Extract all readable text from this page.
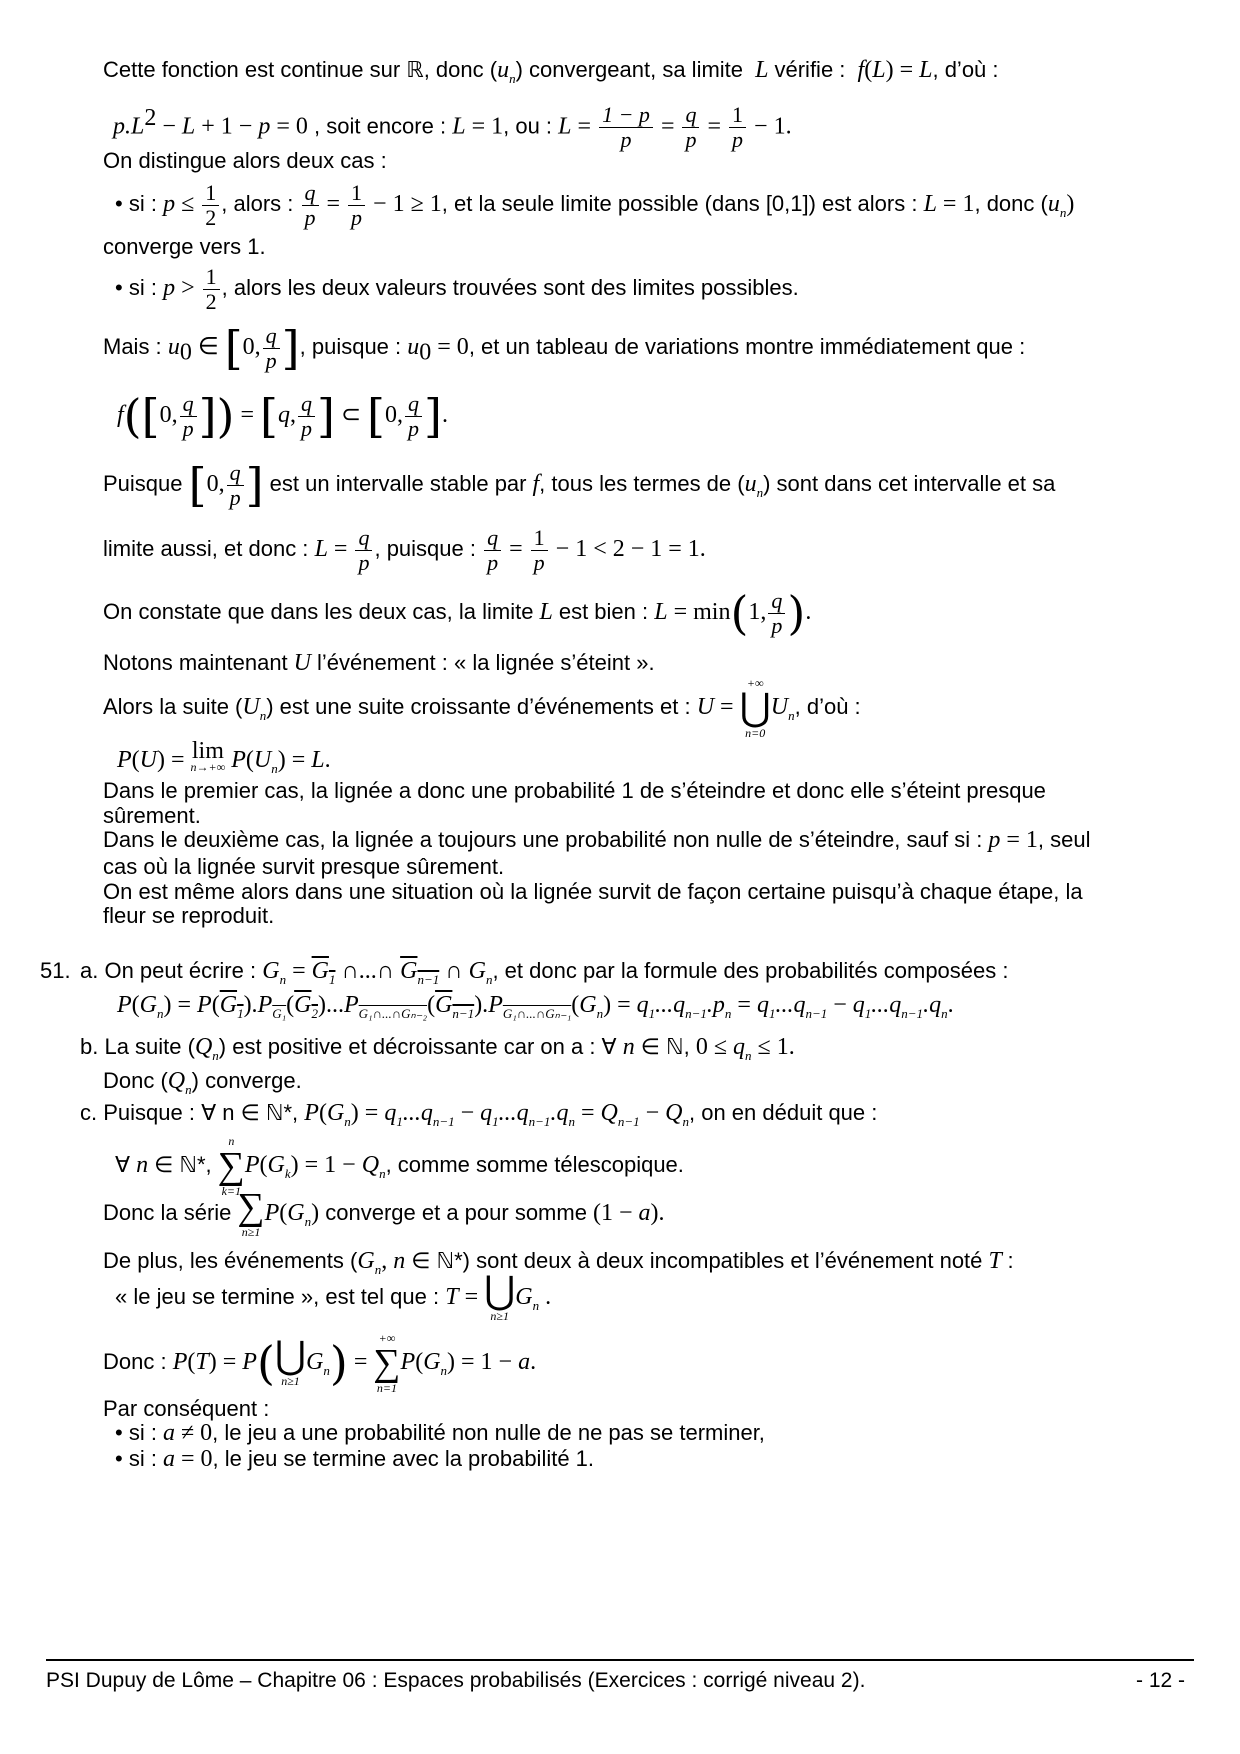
Cette fonction est continue sur ℝ, donc $(u_n)$ convergeant, sa limite  L vérifie :  f(L) = L, d’où :
$p.L^2 - L + 1 - p = 0$ , soit encore : L = 1, ou : $L = \frac{1 - p}{p} = \frac{q}{p} = \frac{1}{p} - 1$.
On distingue alors deux cas :
• si : $p \le \frac{1}{2}$ , alors : $\frac{q}{p} = \frac{1}{p} - 1 \ge 1$, et la seule limite possible (dans [0,1]) est alors : L = 1, donc $(u_n)$
converge vers 1.
• si : $p > \frac{1}{2}$ , alors les deux valeurs trouvées sont des limites possibles.
Mais : $u_0$ ∈ [0, $\frac{q}{p}$ ], puisque : $u_0 = 0$, et un tableau de variations montre immédiatement que :
f([0, $\frac{q}{p}$ ]) = [q, $\frac{q}{p}$ ] ⊂ [0, $\frac{q}{p}$ ].
Puisque [0, $\frac{q}{p}$ ] est un intervalle stable par f, tous les termes de $(u_n)$ sont dans cet intervalle et sa
limite aussi, et donc : $L = \frac{q}{p}$ , puisque : $\frac{q}{p} = \frac{1}{p} - 1 < 2 - 1 = 1$.
On constate que dans les deux cas, la limite L est bien : L = min(1, $\frac{q}{p}$ ).
Notons maintenant U l’événement : « la lignée s’éteint ».
Alors la suite $(U_n)$ est une suite croissante d’événements et : U = +∞
⋃
$n=0U_n$, d’où :
P(U) = lim
n→+∞ $P(U_n) = L$.
Dans le premier cas, la lignée a donc une probabilité 1 de s’éteindre et donc elle s’éteint presque
sûrement.
Dans le deuxième cas, la lignée a toujours une probabilité non nulle de s’éteindre, sauf si : p = 1, seul
cas où la lignée survit presque sûrement.
On est même alors dans une situation où la lignée survit de façon certaine puisqu’à chaque étape, la
fleur se reproduit.
51. a. On peut écrire : $G_n = G_1$ ∩...∩ $G_{n-1}$ ∩ $G_n$, et donc par la formule des probabilités composées :
$P(G_n) = P(G_1).P_{G_1}(G_2)...P_{G_1\cap...\cap G_{n-2}}(G_{n-1}).P_{G_1\cap...\cap G_{n-1}}(G_n) = q_1...q_{n-1}.p_n = q_1...q_{n-1} - q_1...q_{n-1}.q_n$.
b. La suite $(Q_n)$ est positive et décroissante car on a : ∀ n ∈ ℕ, $0 \le q_n \le 1$.
Donc $(Q_n)$ converge.
c. Puisque : ∀ n ∈ ℕ*, $P(G_n) = q_1...q_{n-1} - q_1...q_{n-1}.q_n = Q_{n-1} - Q_n$, on en déduit que :
∀ n ∈ ℕ*, n
∑
$k=1P(G_k) = 1 - Q_n$, comme somme télescopique.
Donc la série ∑
$n\ge 1P(G_n)$ converge et a pour somme (1 − a).
De plus, les événements ($G_n$, n ∈ ℕ*) sont deux à deux incompatibles et l’événement noté T :
« le jeu se termine », est tel que : T = ⋃
$n\ge 1G_n$ .
Donc : P(T) = P( ⋃
$n\ge 1G_n$) = +∞
∑
$n=1P(G_n) = 1 - a$.
Par conséquent :
• si : a ≠ 0, le jeu a une probabilité non nulle de ne pas se terminer,
• si : a = 0, le jeu se termine avec la probabilité 1.
PSI Dupuy de Lôme – Chapitre 06 : Espaces probabilisés (Exercices : corrigé niveau 2).	- 12 -
